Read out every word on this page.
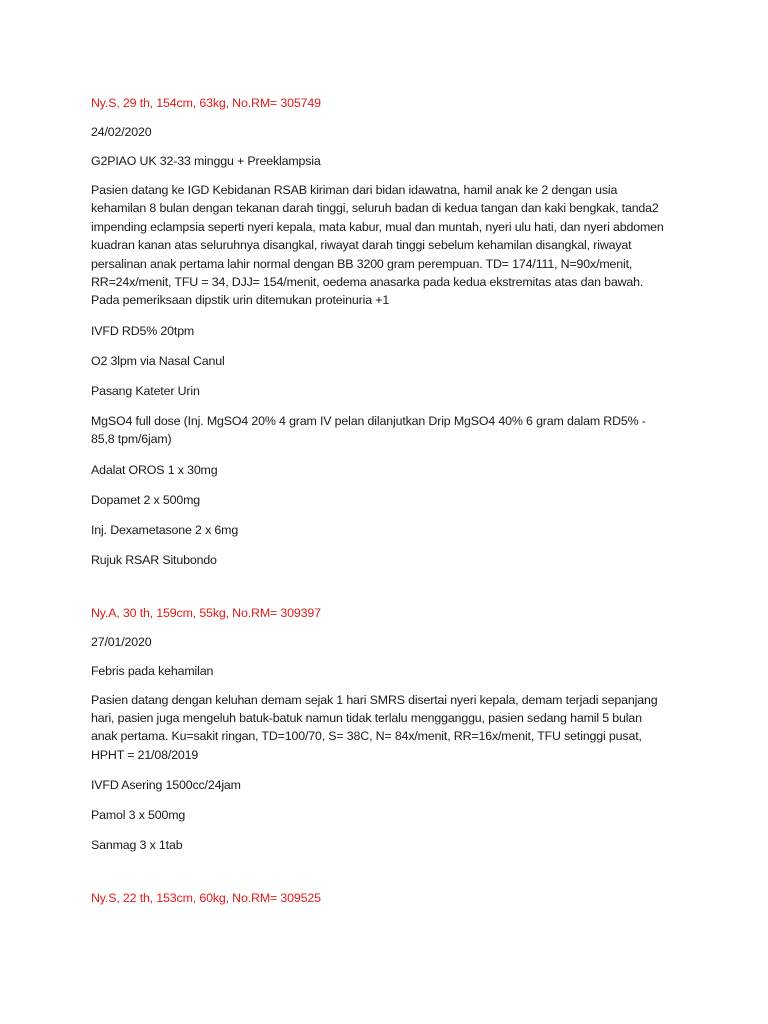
Ny.S, 29 th, 154cm, 63kg, No.RM= 305749

24/02/2020

G2PIAO UK 32-33 minggu + Preeklampsia

Pasien datang ke IGD Kebidanan RSAB kiriman dari bidan idawatna, hamil anak ke 2 dengan usia kehamilan 8 bulan dengan tekanan darah tinggi, seluruh badan di kedua tangan dan kaki bengkak, tanda2 impending eclampsia seperti nyeri kepala, mata kabur, mual dan muntah, nyeri ulu hati, dan nyeri abdomen kuadran kanan atas seluruhnya disangkal, riwayat darah tinggi sebelum kehamilan disangkal, riwayat persalinan anak pertama lahir normal dengan BB 3200 gram perempuan. TD= 174/111, N=90x/menit, RR=24x/menit, TFU = 34, DJJ= 154/menit, oedema anasarka pada kedua ekstremitas atas dan bawah. Pada pemeriksaan dipstik urin ditemukan proteinuria +1

IVFD RD5% 20tpm

O2 3lpm via Nasal Canul

Pasang Kateter Urin

MgSO4 full dose (Inj. MgSO4 20% 4 gram IV pelan dilanjutkan Drip MgSO4 40% 6 gram dalam RD5% - 85,8 tpm/6jam)

Adalat OROS 1 x 30mg

Dopamet 2 x 500mg

Inj. Dexametasone 2 x 6mg

Rujuk RSAR Situbondo

Ny.A, 30 th, 159cm, 55kg, No.RM= 309397

27/01/2020

Febris pada kehamilan

Pasien datang dengan keluhan demam sejak 1 hari SMRS disertai nyeri kepala, demam terjadi sepanjang hari, pasien juga mengeluh batuk-batuk namun tidak terlalu mengganggu, pasien sedang hamil 5 bulan anak pertama. Ku=sakit ringan, TD=100/70, S= 38C, N= 84x/menit, RR=16x/menit, TFU setinggi pusat, HPHT = 21/08/2019

IVFD Asering 1500cc/24jam

Pamol 3 x 500mg

Sanmag 3 x 1tab

Ny.S, 22 th, 153cm, 60kg, No.RM= 309525
